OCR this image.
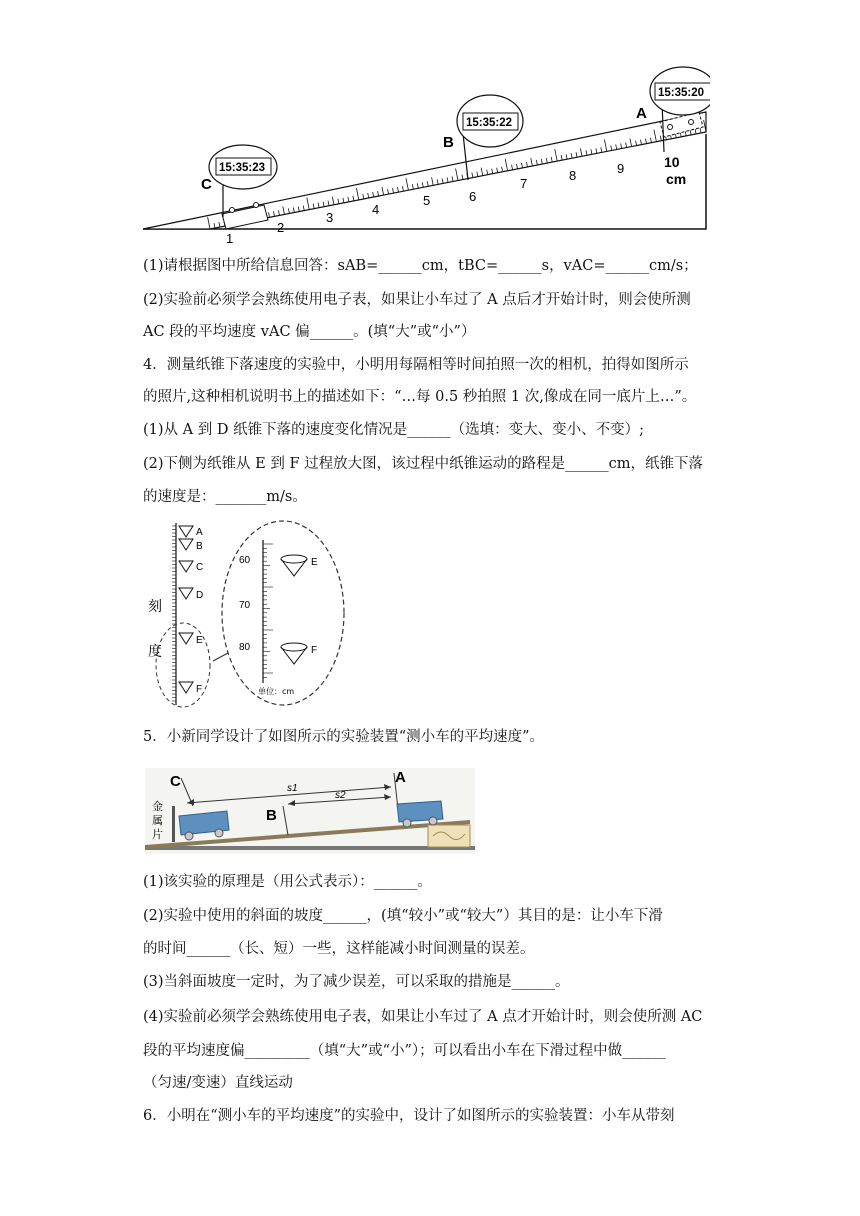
1
2
3
4
5	6
7
8	9	10
cm
C
15:35:23
B
15:35:22
A
15:35:20
(1)请根据图中所给信息回答：sAB=______cm，tBC=______s，vAC=______cm/s；
(2)实验前必须学会熟练使用电子表，如果让小车过了 A 点后才开始计时，则会使所测
AC 段的平均速度 vAC 偏______。(填“大”或“小”）
4．测量纸锥下落速度的实验中，小明用每隔相等时间拍照一次的相机，拍得如图所示
的照片,这种相机说明书上的描述如下：“…每 0.5 秒拍照 1 次,像成在同一底片上…”。
(1)从 A 到 D 纸锥下落的速度变化情况是______（选填：变大、变小、不变）;
(2)下侧为纸锥从 E 到 F 过程放大图，该过程中纸锥运动的路程是______cm，纸锥下落
的速度是：_______m/s。
刻
度
A
B
C
D
E
F
60
70
80
E
F
单位：cm
5．小新同学设计了如图所示的实验装置“测小车的平均速度”。
金
属
片
C
B
A
s1
s2
(1)该实验的原理是（用公式表示）：______。
(2)实验中使用的斜面的坡度______，(填“较小”或“较大”）其目的是：让小车下滑
的时间______（长、短）一些，这样能减小时间测量的误差。
(3)当斜面坡度一定时，为了减少误差，可以采取的措施是______。
(4)实验前必须学会熟练使用电子表，如果让小车过了 A 点才开始计时，则会使所测 AC
段的平均速度偏_________（填“大”或“小”）；可以看出小车在下滑过程中做______
（匀速/变速）直线运动
6．小明在“测小车的平均速度”的实验中，设计了如图所示的实验装置：小车从带刻
